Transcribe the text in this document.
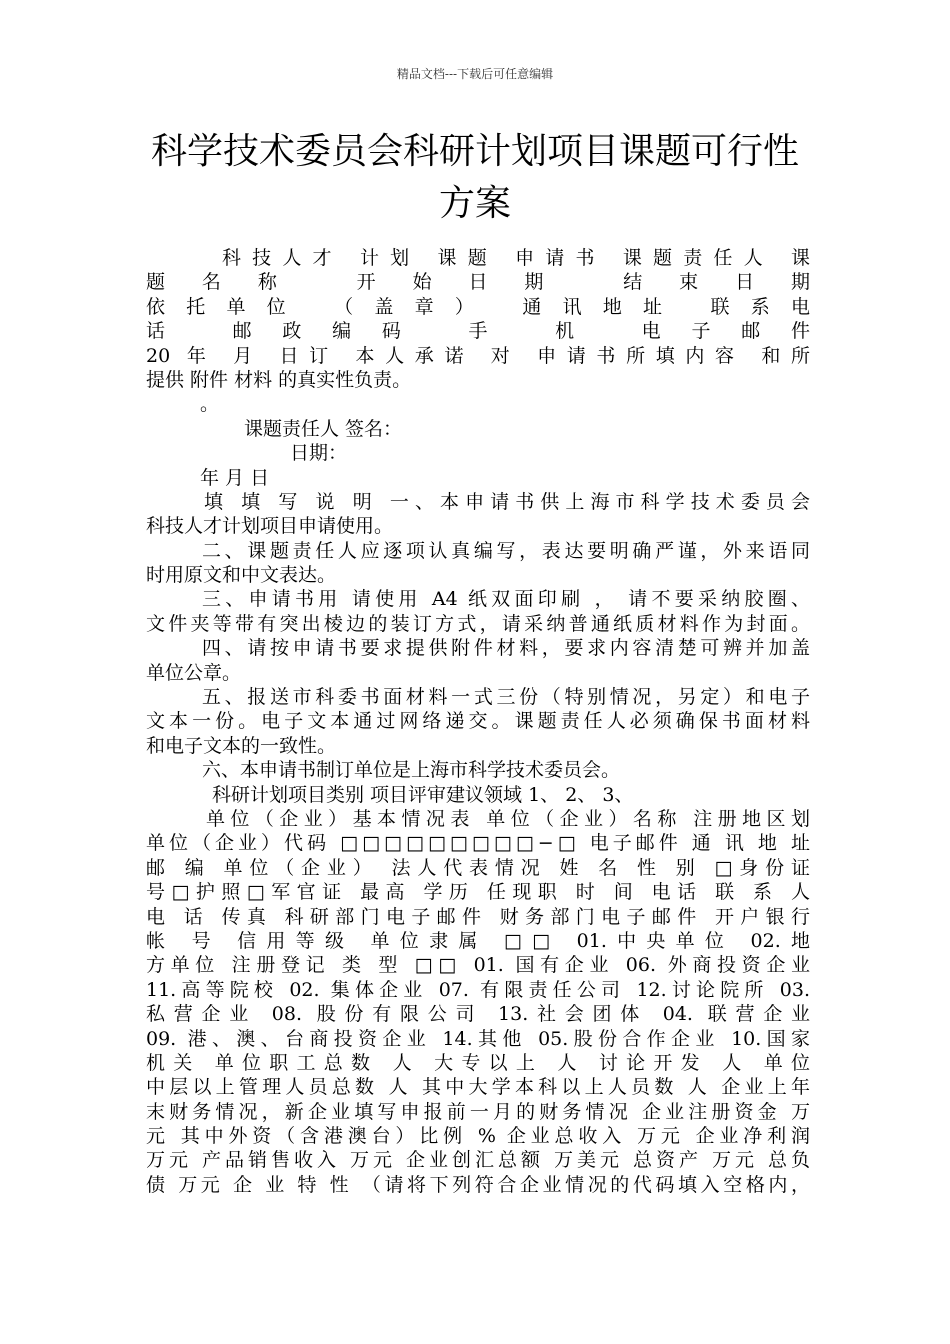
精品文档---下载后可任意编辑
科学技术委员会科研计划项目课题可行性
方案
科技人才 计划 课题 申请书 课题责任人 课
题名称 开始日期 结束日期
依托单位 （盖章） 通讯地址 联系电
话 邮政编码 手 机 电子邮件
20 年 月 日订 本人承诺 对 申请书所填内容 和所
提供 附件 材料 的真实性负责。
。
课题责任人 签名：
日期：
年 月 日
填 填 写 说 明 一、本申请书供上海市科学技术委员会
科技人才计划项目申请使用。
二、课题责任人应逐项认真编写，表达要明确严谨，外来语同
时用原文和中文表达。
三、申请书用 请使用 A4 纸双面印刷 ， 请不要采纳胶圈、
文件夹等带有突出棱边的装订方式，请采纳普通纸质材料作为封面。
四、请按申请书要求提供附件材料，要求内容清楚可辨并加盖
单位公章。
五、报送市科委书面材料一式三份（特别情况，另定）和电子
文本一份。电子文本通过网络递交。课题责任人必须确保书面材料
和电子文本的一致性。
六、本申请书制订单位是上海市科学技术委员会。
科研计划项目类别 项目评审建议领域 1、 2、 3、
单位（企业）基本情况表 单位（企业）名称 注册地区划
单位（企业）代码 □□□□□□□□□−□ 电子邮件 通 讯 地 址
邮 编 单位（企业） 法人代表情况 姓 名 性 别 □身份证
号□护照□军官证 最高 学历 任现职 时 间 电话 联 系 人
电 话 传真 科研部门电子邮件 财务部门电子邮件 开户银行
帐 号 信用等级 单位隶属 □□ 01.中央单位 02.地
方单位 注册登记 类 型 □□ 01. 国有企业 06. 外商投资企业
11.高等院校 02. 集体企业 07. 有限责任公司 12.讨论院所 03.
私营企业 08. 股份有限公司 13.社会团体 04. 联营企业
09. 港、澳、台商投资企业 14.其他 05.股份合作企业 10.国家
机关 单位职工总数 人 大专以上 人 讨论开发 人 单位
中层以上管理人员总数 人 其中大学本科以上人员数 人 企业上年
末财务情况，新企业填写申报前一月的财务情况 企业注册资金 万
元 其中外资（含港澳台）比例 % 企业总收入 万元 企业净利润
万元 产品销售收入 万元 企业创汇总额 万美元 总资产 万元 总负
债 万元 企 业 特 性 （请将下列符合企业情况的代码填入空格内，
